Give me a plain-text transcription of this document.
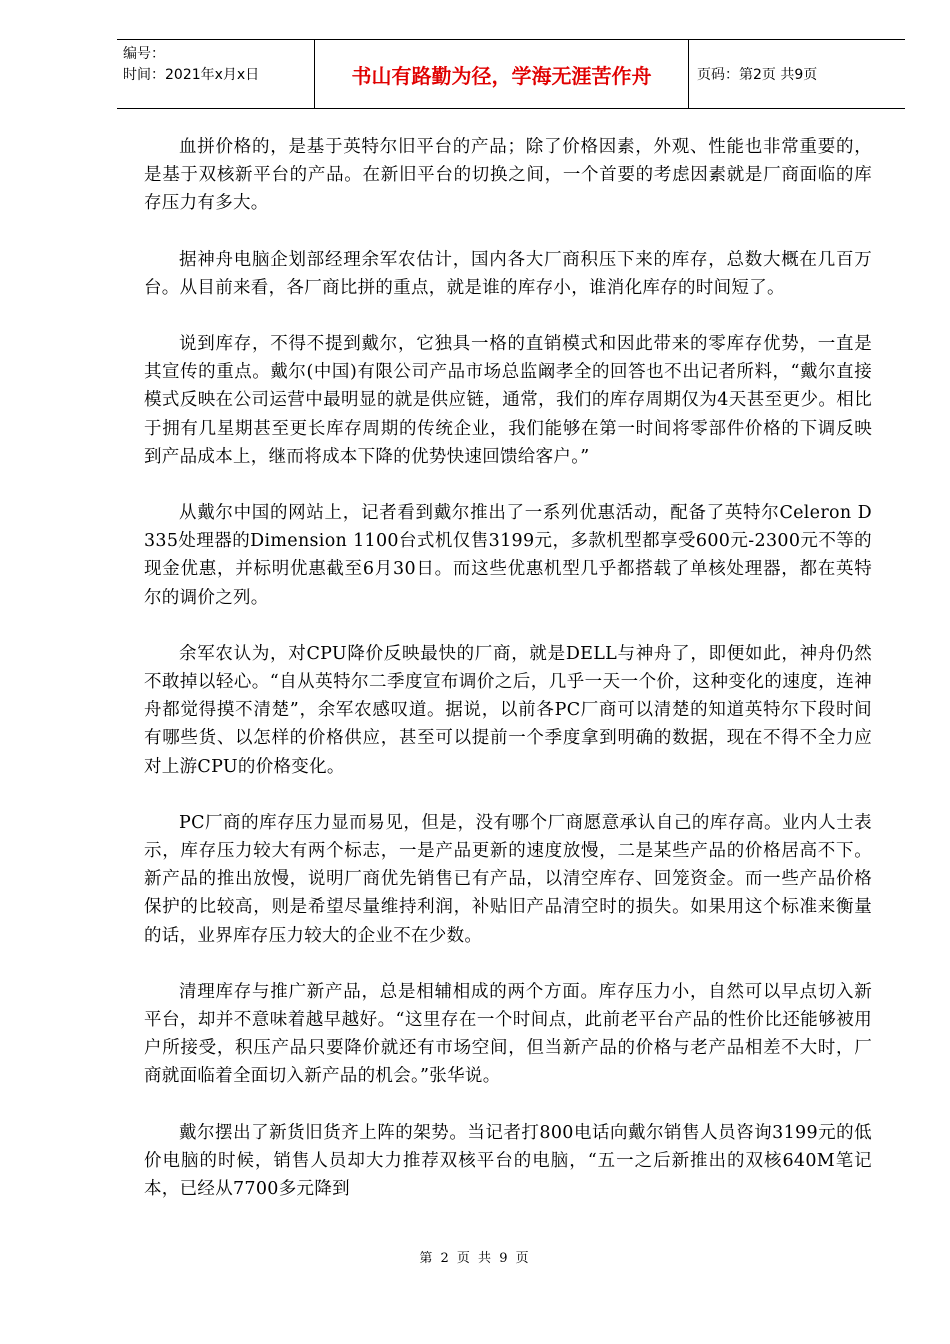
编号：
时间：2021年x月x日	书山有路勤为径，学海无涯苦作舟	页码：第2页 共9页

血拼价格的，是基于英特尔旧平台的产品；除了价格因素，外观、性能也非常重要的，是基于双核新平台的产品。在新旧平台的切换之间，一个首要的考虑因素就是厂商面临的库存压力有多大。

据神舟电脑企划部经理余军农估计，国内各大厂商积压下来的库存，总数大概在几百万台。从目前来看，各厂商比拼的重点，就是谁的库存小，谁消化库存的时间短了。

说到库存，不得不提到戴尔，它独具一格的直销模式和因此带来的零库存优势，一直是其宣传的重点。戴尔(中国)有限公司产品市场总监阚孝全的回答也不出记者所料，“戴尔直接模式反映在公司运营中最明显的就是供应链，通常，我们的库存周期仅为4天甚至更少。相比于拥有几星期甚至更长库存周期的传统企业，我们能够在第一时间将零部件价格的下调反映到产品成本上，继而将成本下降的优势快速回馈给客户。”

从戴尔中国的网站上，记者看到戴尔推出了一系列优惠活动，配备了英特尔Celeron D 335处理器的Dimension 1100台式机仅售3199元，多款机型都享受600元-2300元不等的现金优惠，并标明优惠截至6月30日。而这些优惠机型几乎都搭载了单核处理器，都在英特尔的调价之列。

余军农认为，对CPU降价反映最快的厂商，就是DELL与神舟了，即便如此，神舟仍然不敢掉以轻心。“自从英特尔二季度宣布调价之后，几乎一天一个价，这种变化的速度，连神舟都觉得摸不清楚”，余军农感叹道。据说，以前各PC厂商可以清楚的知道英特尔下段时间有哪些货、以怎样的价格供应，甚至可以提前一个季度拿到明确的数据，现在不得不全力应对上游CPU的价格变化。

PC厂商的库存压力显而易见，但是，没有哪个厂商愿意承认自己的库存高。业内人士表示，库存压力较大有两个标志，一是产品更新的速度放慢，二是某些产品的价格居高不下。新产品的推出放慢，说明厂商优先销售已有产品，以清空库存、回笼资金。而一些产品价格保护的比较高，则是希望尽量维持利润，补贴旧产品清空时的损失。如果用这个标准来衡量的话，业界库存压力较大的企业不在少数。

清理库存与推广新产品，总是相辅相成的两个方面。库存压力小，自然可以早点切入新平台，却并不意味着越早越好。“这里存在一个时间点，此前老平台产品的性价比还能够被用户所接受，积压产品只要降价就还有市场空间，但当新产品的价格与老产品相差不大时，厂商就面临着全面切入新产品的机会。”张华说。

戴尔摆出了新货旧货齐上阵的架势。当记者打800电话向戴尔销售人员咨询3199元的低价电脑的时候，销售人员却大力推荐双核平台的电脑，“五一之后新推出的双核640M笔记本，已经从7700多元降到

第 2 页 共 9 页
